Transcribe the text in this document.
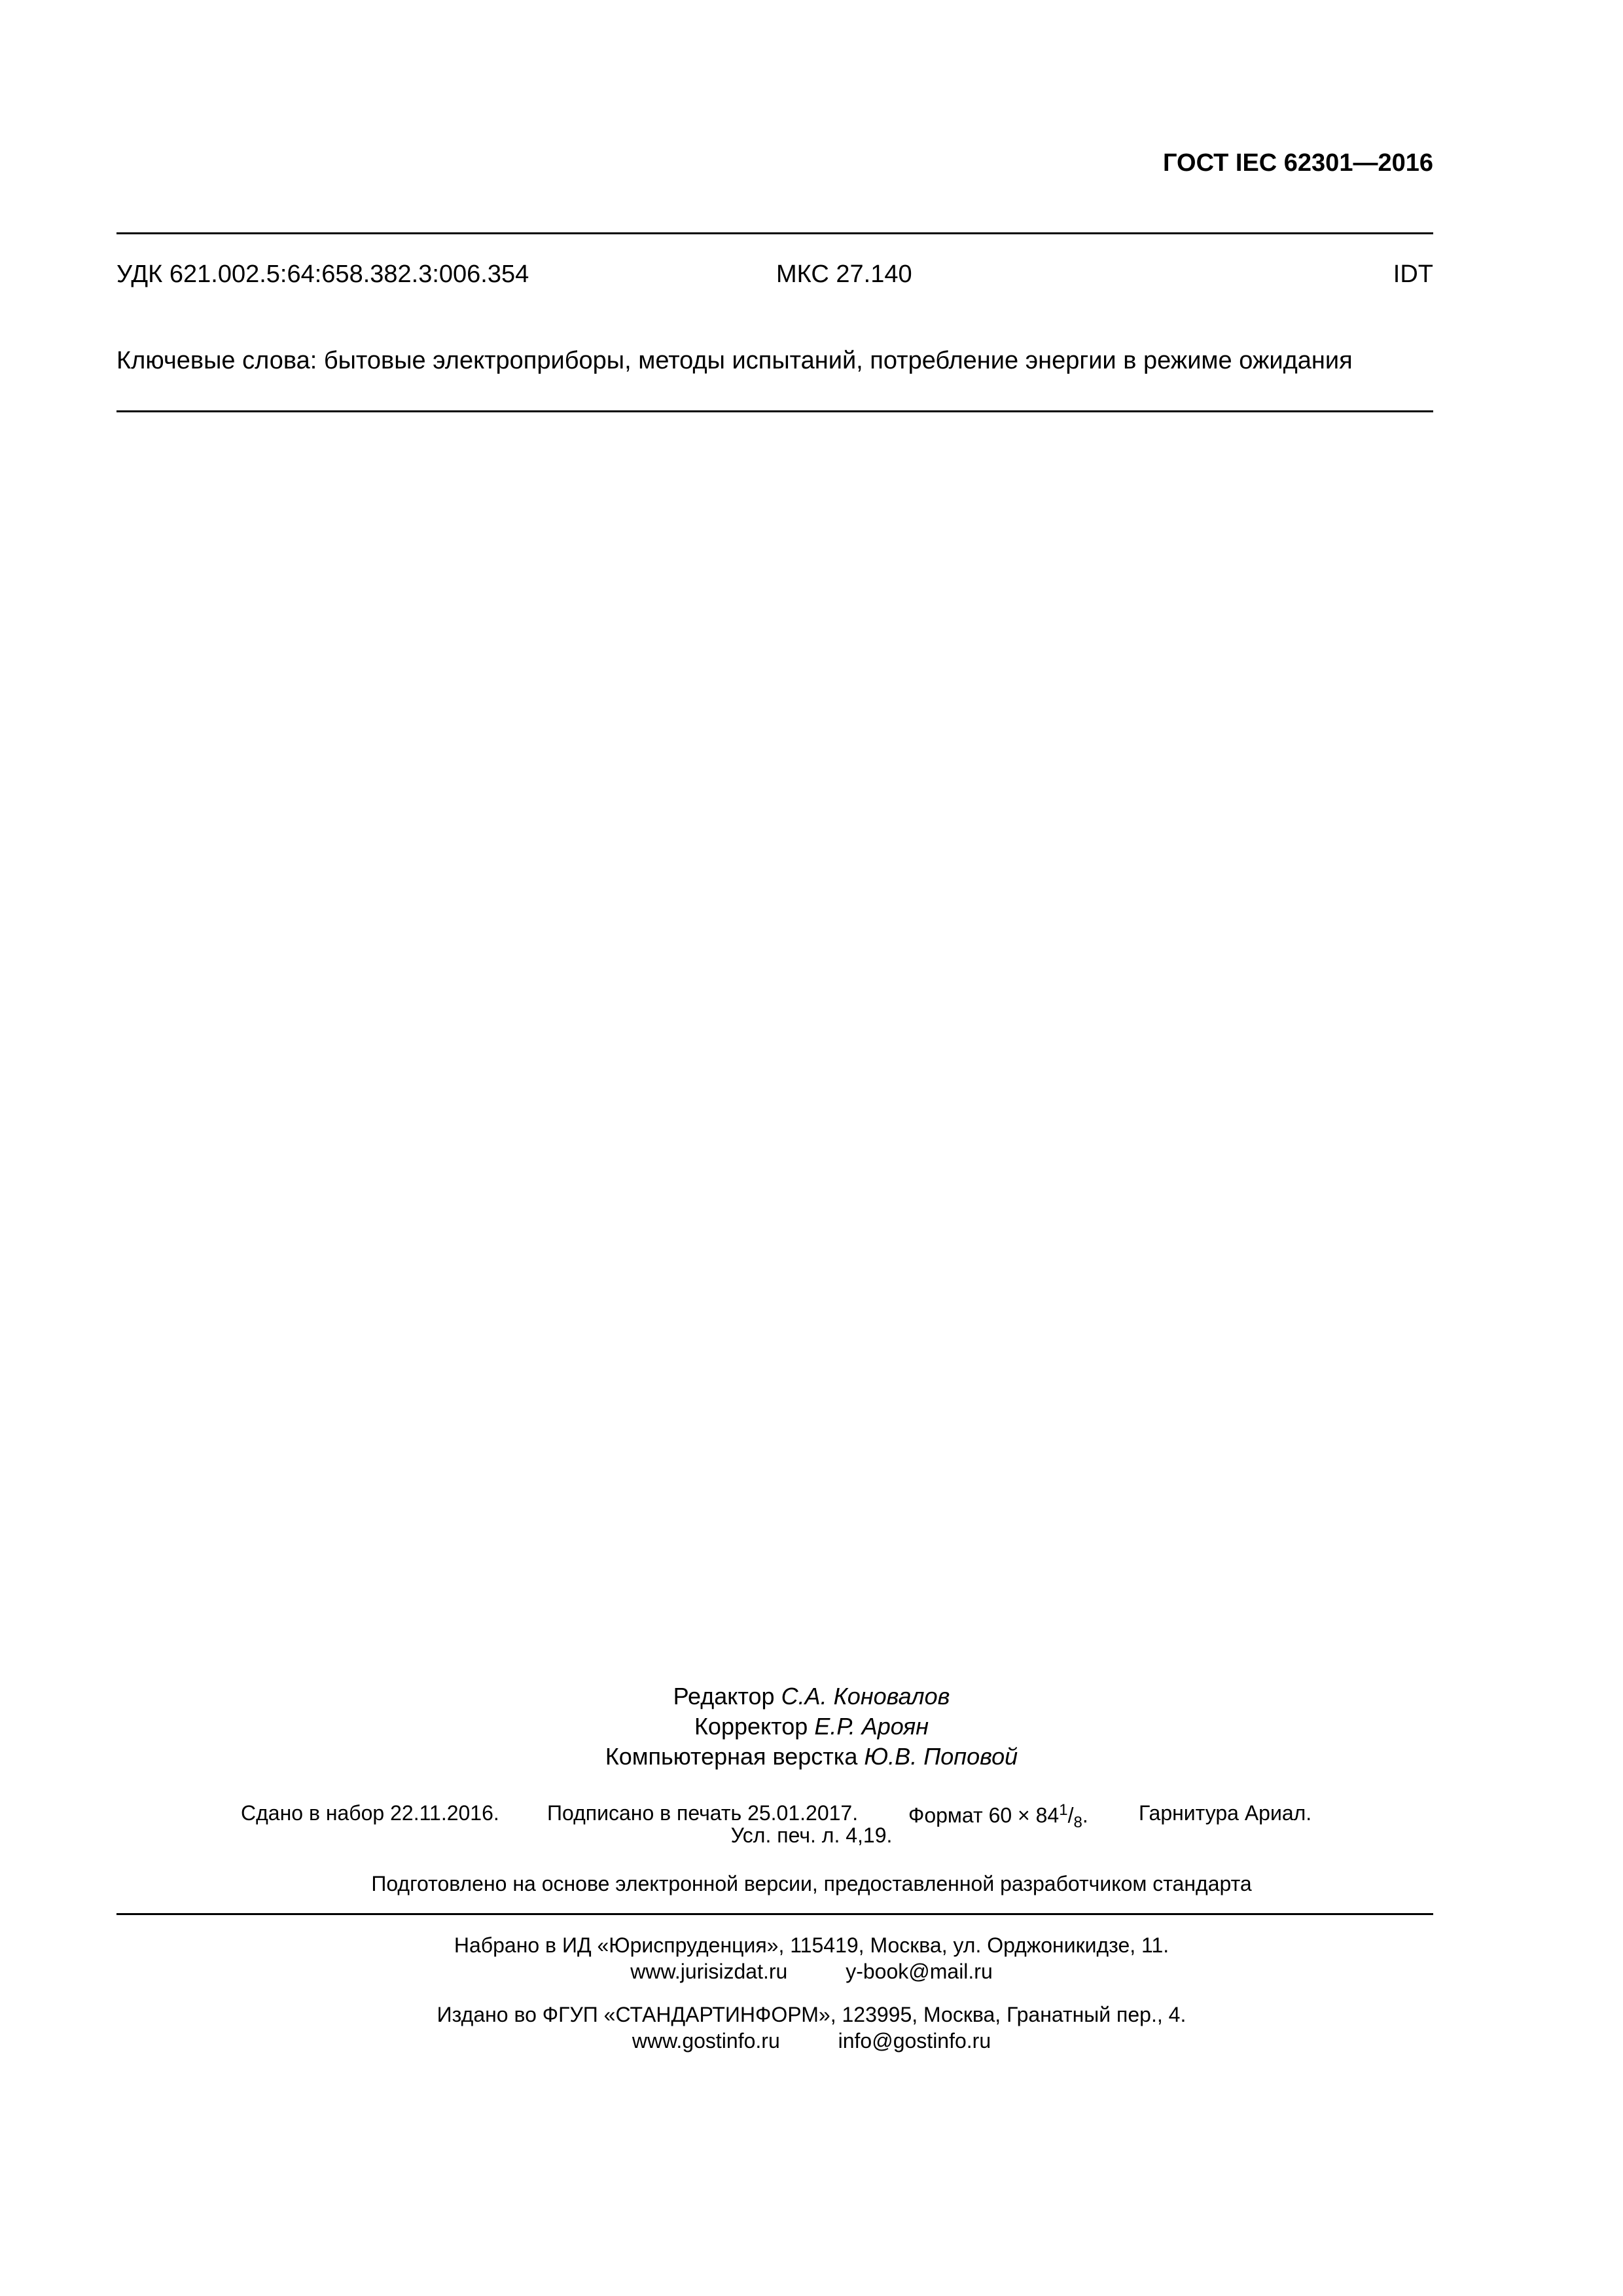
ГОСТ IEC 62301—2016
УДК 621.002.5:64:658.382.3:006.354	МКС 27.140	IDT
Ключевые слова: бытовые электроприборы, методы испытаний, потребление энергии в режиме ожидания
Редактор С.А. Коновалов
Корректор Е.Р. Ароян
Компьютерная верстка Ю.В. Поповой
Сдано в набор 22.11.2016. Подписано в печать 25.01.2017. Формат $60 \times 84^1/_8$. Гарнитура Ариал.
Усл. печ. л. 4,19.
Подготовлено на основе электронной версии, предоставленной разработчиком стандарта
Набрано в ИД «Юриспруденция», 115419, Москва, ул. Орджоникидзе, 11.
www.jurisizdat.ru	y-book@mail.ru
Издано во ФГУП «СТАНДАРТИНФОРМ», 123995, Москва, Гранатный пер., 4.
www.gostinfo.ru	info@gostinfo.ru
